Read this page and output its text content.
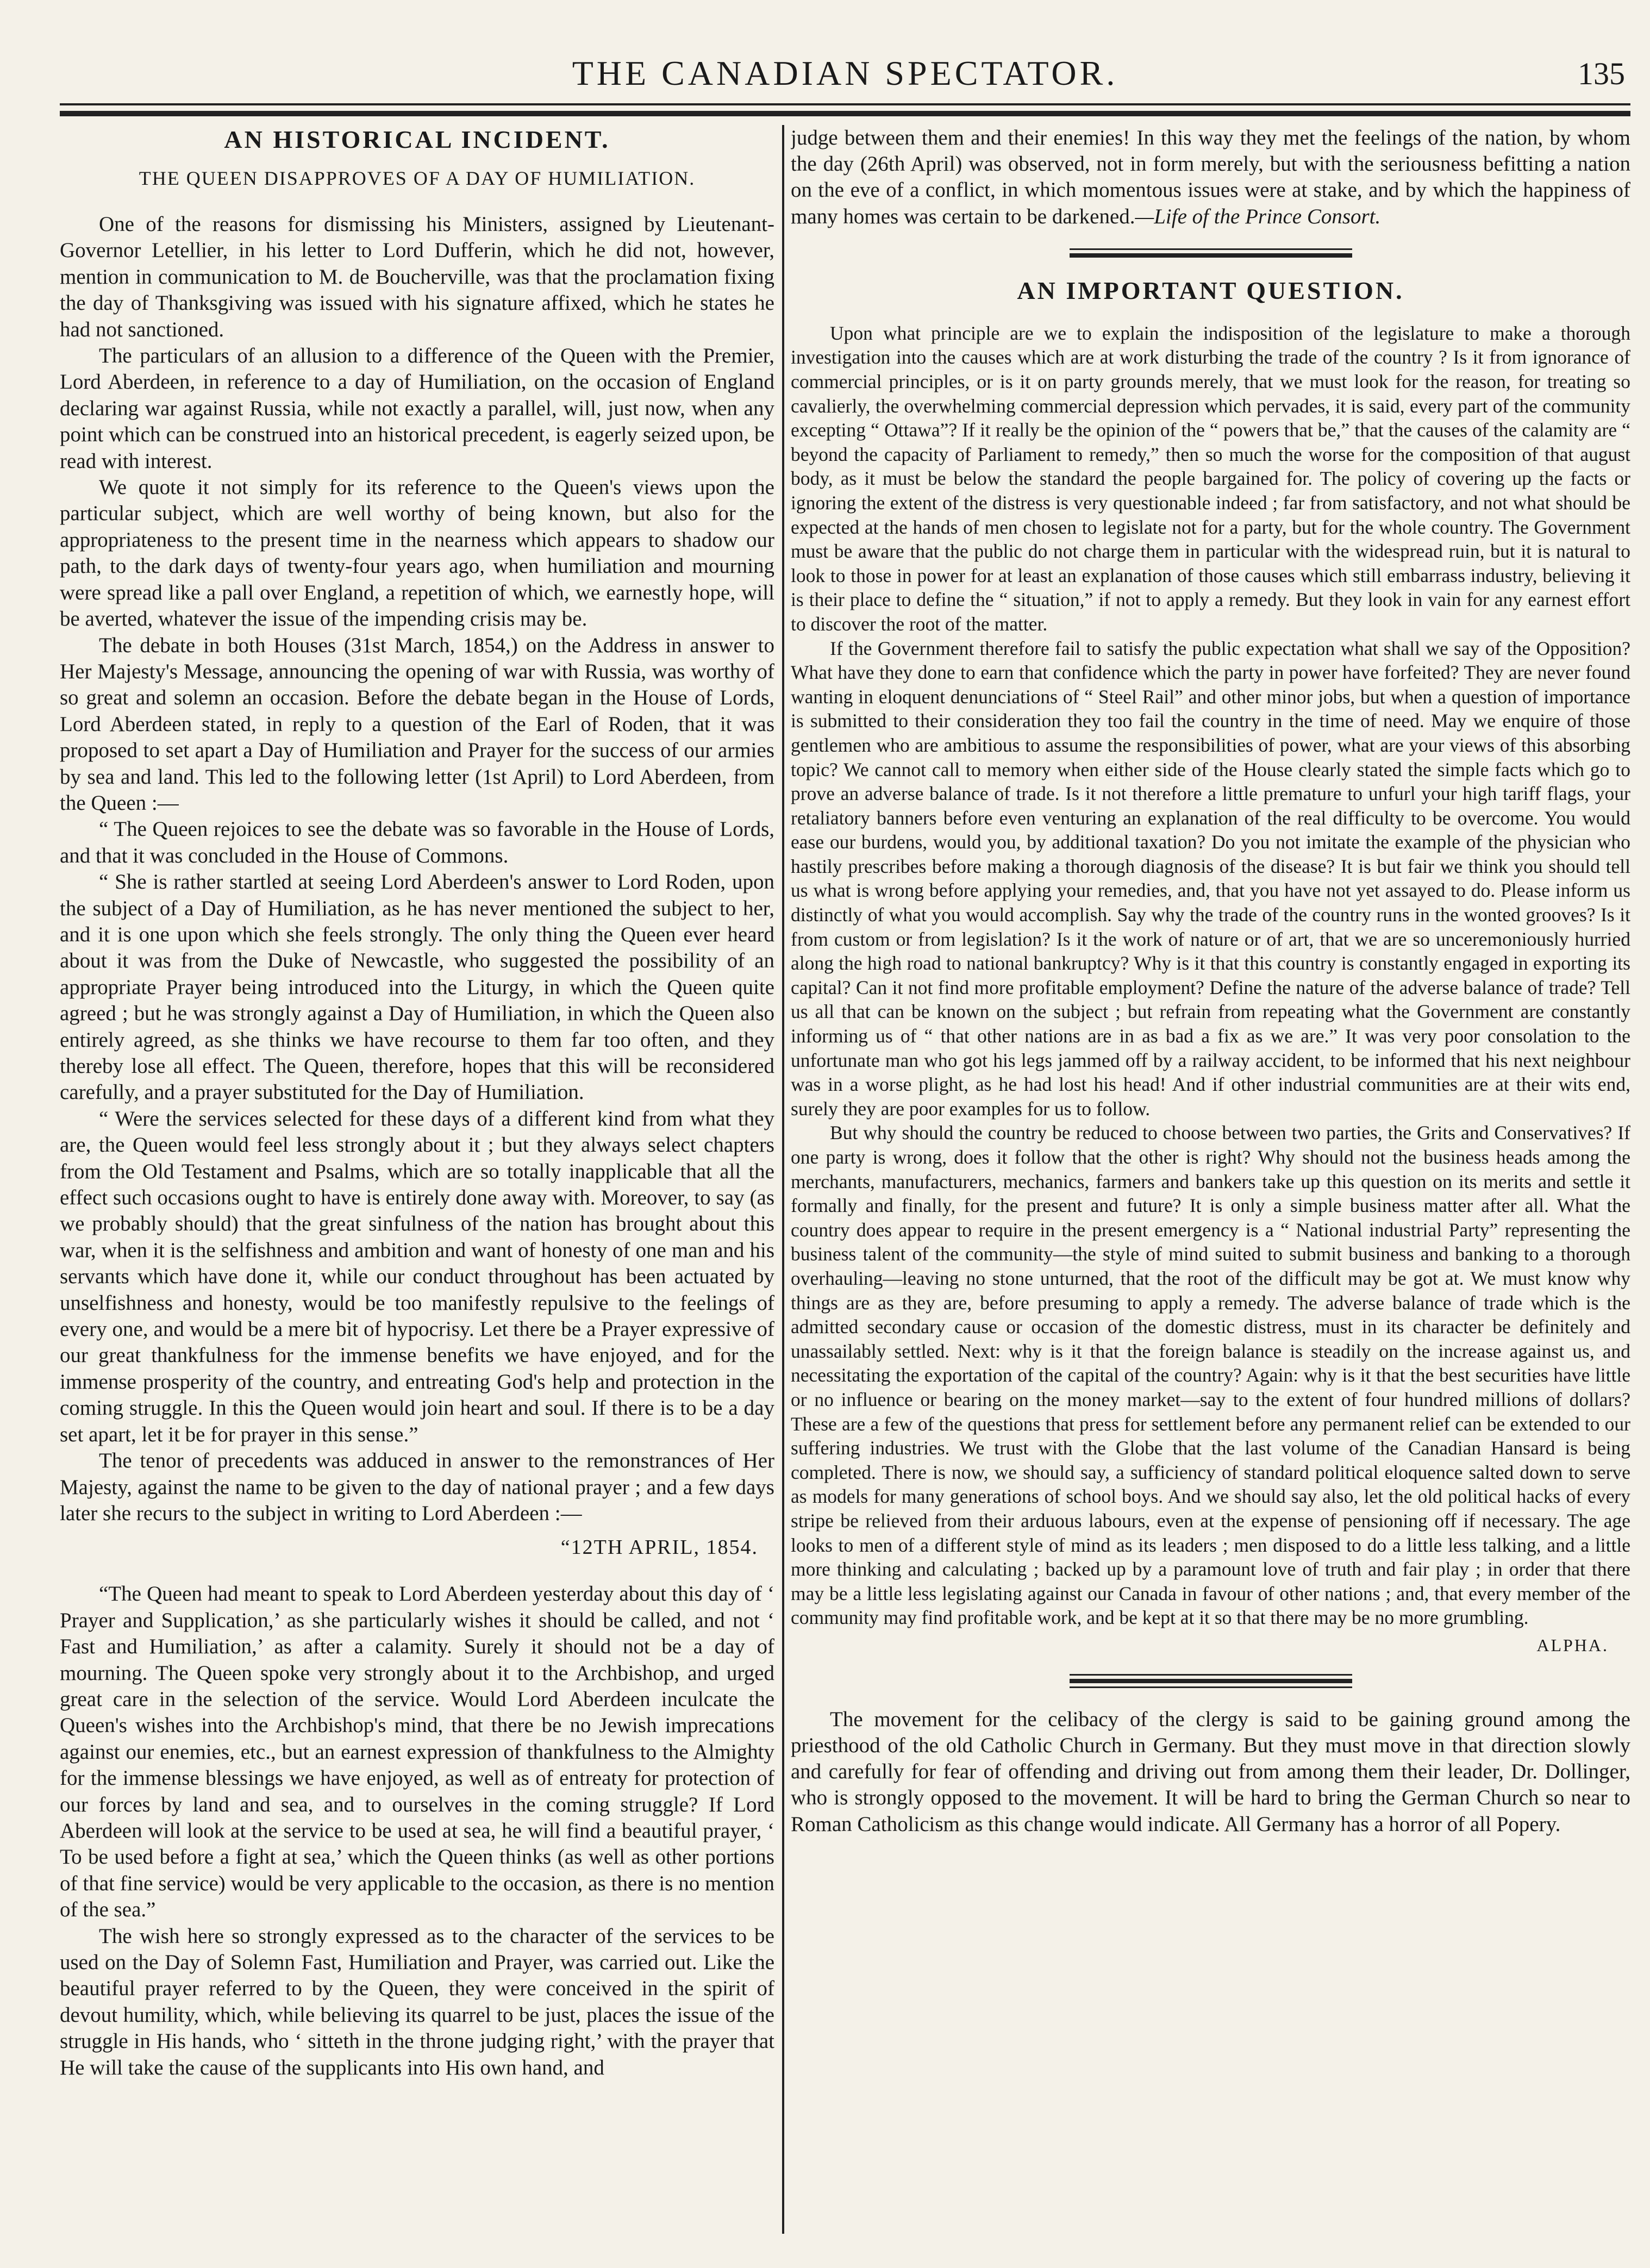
THE CANADIAN SPECTATOR.	135
AN HISTORICAL INCIDENT.
THE QUEEN DISAPPROVES OF A DAY OF HUMILIATION.

One of the reasons for dismissing his Ministers, assigned by Lieutenant-Governor Letellier, in his letter to Lord Dufferin, which he did not, however, mention in communication to M. de Boucherville, was that the proclamation fixing the day of Thanksgiving was issued with his signature affixed, which he states he had not sanctioned.

The particulars of an allusion to a difference of the Queen with the Premier, Lord Aberdeen, in reference to a day of Humiliation, on the occasion of England declaring war against Russia, while not exactly a parallel, will, just now, when any point which can be construed into an historical precedent, is eagerly seized upon, be read with interest.

We quote it not simply for its reference to the Queen's views upon the particular subject, which are well worthy of being known, but also for the appropriateness to the present time in the nearness which appears to shadow our path, to the dark days of twenty-four years ago, when humiliation and mourning were spread like a pall over England, a repetition of which, we earnestly hope, will be averted, whatever the issue of the impending crisis may be.

The debate in both Houses (31st March, 1854,) on the Address in answer to Her Majesty's Message, announcing the opening of war with Russia, was worthy of so great and solemn an occasion. Before the debate began in the House of Lords, Lord Aberdeen stated, in reply to a question of the Earl of Roden, that it was proposed to set apart a Day of Humiliation and Prayer for the success of our armies by sea and land. This led to the following letter (1st April) to Lord Aberdeen, from the Queen :—

“ The Queen rejoices to see the debate was so favorable in the House of Lords, and that it was concluded in the House of Commons.

“ She is rather startled at seeing Lord Aberdeen's answer to Lord Roden, upon the subject of a Day of Humiliation, as he has never mentioned the subject to her, and it is one upon which she feels strongly. The only thing the Queen ever heard about it was from the Duke of Newcastle, who suggested the possibility of an appropriate Prayer being introduced into the Liturgy, in which the Queen quite agreed ; but he was strongly against a Day of Humiliation, in which the Queen also entirely agreed, as she thinks we have recourse to them far too often, and they thereby lose all effect. The Queen, therefore, hopes that this will be reconsidered carefully, and a prayer substituted for the Day of Humiliation.

“ Were the services selected for these days of a different kind from what they are, the Queen would feel less strongly about it ; but they always select chapters from the Old Testament and Psalms, which are so totally inapplicable that all the effect such occasions ought to have is entirely done away with. Moreover, to say (as we probably should) that the great sinfulness of the nation has brought about this war, when it is the selfishness and ambition and want of honesty of one man and his servants which have done it, while our conduct throughout has been actuated by unselfishness and honesty, would be too manifestly repulsive to the feelings of every one, and would be a mere bit of hypocrisy. Let there be a Prayer expressive of our great thankfulness for the immense benefits we have enjoyed, and for the immense prosperity of the country, and entreating God's help and protection in the coming struggle. In this the Queen would join heart and soul. If there is to be a day set apart, let it be for prayer in this sense.”

The tenor of precedents was adduced in answer to the remonstrances of Her Majesty, against the name to be given to the day of national prayer ; and a few days later she recurs to the subject in writing to Lord Aberdeen :—

“12TH APRIL, 1854.

“The Queen had meant to speak to Lord Aberdeen yesterday about this day of ‘ Prayer and Supplication,’ as she particularly wishes it should be called, and not ‘ Fast and Humiliation,’ as after a calamity. Surely it should not be a day of mourning. The Queen spoke very strongly about it to the Archbishop, and urged great care in the selection of the service. Would Lord Aberdeen inculcate the Queen's wishes into the Archbishop's mind, that there be no Jewish imprecations against our enemies, etc., but an earnest expression of thankfulness to the Almighty for the immense blessings we have enjoyed, as well as of entreaty for protection of our forces by land and sea, and to ourselves in the coming struggle? If Lord Aberdeen will look at the service to be used at sea, he will find a beautiful prayer, ‘ To be used before a fight at sea,’ which the Queen thinks (as well as other portions of that fine service) would be very applicable to the occasion, as there is no mention of the sea.”

The wish here so strongly expressed as to the character of the services to be used on the Day of Solemn Fast, Humiliation and Prayer, was carried out. Like the beautiful prayer referred to by the Queen, they were conceived in the spirit of devout humility, which, while believing its quarrel to be just, places the issue of the struggle in His hands, who ‘ sitteth in the throne judging right,’ with the prayer that He will take the cause of the supplicants into His own hand, and

judge between them and their enemies! In this way they met the feelings of the nation, by whom the day (26th April) was observed, not in form merely, but with the seriousness befitting a nation on the eve of a conflict, in which momentous issues were at stake, and by which the happiness of many homes was certain to be darkened.—Life of the Prince Consort.

AN IMPORTANT QUESTION.

Upon what principle are we to explain the indisposition of the legislature to make a thorough investigation into the causes which are at work disturbing the trade of the country ? Is it from ignorance of commercial principles, or is it on party grounds merely, that we must look for the reason, for treating so cavalierly, the overwhelming commercial depression which pervades, it is said, every part of the community excepting “ Ottawa”? If it really be the opinion of the “ powers that be,” that the causes of the calamity are “ beyond the capacity of Parliament to remedy,” then so much the worse for the composition of that august body, as it must be below the standard the people bargained for. The policy of covering up the facts or ignoring the extent of the distress is very questionable indeed ; far from satisfactory, and not what should be expected at the hands of men chosen to legislate not for a party, but for the whole country. The Government must be aware that the public do not charge them in particular with the widespread ruin, but it is natural to look to those in power for at least an explanation of those causes which still embarrass industry, believing it is their place to define the “ situation,” if not to apply a remedy. But they look in vain for any earnest effort to discover the root of the matter.

If the Government therefore fail to satisfy the public expectation what shall we say of the Opposition? What have they done to earn that confidence which the party in power have forfeited? They are never found wanting in eloquent denunciations of “ Steel Rail” and other minor jobs, but when a question of importance is submitted to their consideration they too fail the country in the time of need. May we enquire of those gentlemen who are ambitious to assume the responsibilities of power, what are your views of this absorbing topic? We cannot call to memory when either side of the House clearly stated the simple facts which go to prove an adverse balance of trade. Is it not therefore a little premature to unfurl your high tariff flags, your retaliatory banners before even venturing an explanation of the real difficulty to be overcome. You would ease our burdens, would you, by additional taxation? Do you not imitate the example of the physician who hastily prescribes before making a thorough diagnosis of the disease? It is but fair we think you should tell us what is wrong before applying your remedies, and, that you have not yet assayed to do. Please inform us distinctly of what you would accomplish. Say why the trade of the country runs in the wonted grooves? Is it from custom or from legislation? Is it the work of nature or of art, that we are so unceremoniously hurried along the high road to national bankruptcy? Why is it that this country is constantly engaged in exporting its capital? Can it not find more profitable employment? Define the nature of the adverse balance of trade? Tell us all that can be known on the subject ; but refrain from repeating what the Government are constantly informing us of “ that other nations are in as bad a fix as we are.” It was very poor consolation to the unfortunate man who got his legs jammed off by a railway accident, to be informed that his next neighbour was in a worse plight, as he had lost his head! And if other industrial communities are at their wits end, surely they are poor examples for us to follow.

But why should the country be reduced to choose between two parties, the Grits and Conservatives? If one party is wrong, does it follow that the other is right? Why should not the business heads among the merchants, manufacturers, mechanics, farmers and bankers take up this question on its merits and settle it formally and finally, for the present and future? It is only a simple business matter after all. What the country does appear to require in the present emergency is a “ National industrial Party” representing the business talent of the community—the style of mind suited to submit business and banking to a thorough overhauling—leaving no stone unturned, that the root of the difficult may be got at. We must know why things are as they are, before presuming to apply a remedy. The adverse balance of trade which is the admitted secondary cause or occasion of the domestic distress, must in its character be definitely and unassailably settled. Next: why is it that the foreign balance is steadily on the increase against us, and necessitating the exportation of the capital of the country? Again: why is it that the best securities have little or no influence or bearing on the money market—say to the extent of four hundred millions of dollars? These are a few of the questions that press for settlement before any permanent relief can be extended to our suffering industries. We trust with the Globe that the last volume of the Canadian Hansard is being completed. There is now, we should say, a sufficiency of standard political eloquence salted down to serve as models for many generations of school boys. And we should say also, let the old political hacks of every stripe be relieved from their arduous labours, even at the expense of pensioning off if necessary. The age looks to men of a different style of mind as its leaders ; men disposed to do a little less talking, and a little more thinking and calculating ; backed up by a paramount love of truth and fair play ; in order that there may be a little less legislating against our Canada in favour of other nations ; and, that every member of the community may find profitable work, and be kept at it so that there may be no more grumbling.

ALPHA.

The movement for the celibacy of the clergy is said to be gaining ground among the priesthood of the old Catholic Church in Germany. But they must move in that direction slowly and carefully for fear of offending and driving out from among them their leader, Dr. Dollinger, who is strongly opposed to the movement. It will be hard to bring the German Church so near to Roman Catholicism as this change would indicate. All Germany has a horror of all Popery.
